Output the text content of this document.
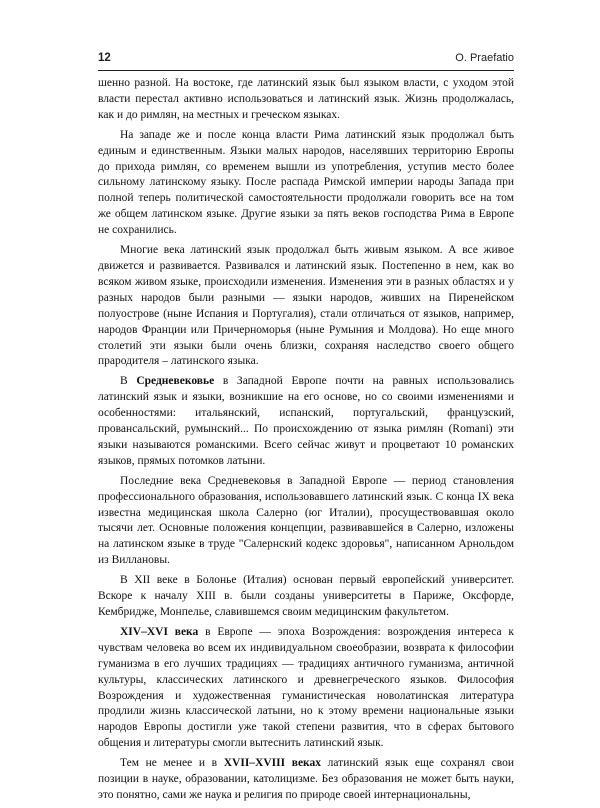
12	O. Praefatio

шенно разной. На востоке, где латинский язык был языком власти, с уходом этой власти перестал активно использоваться и латинский язык. Жизнь продолжалась, как и до римлян, на местных и греческом языках.

На западе же и после конца власти Рима латинский язык продолжал быть единым и единственным. Языки малых народов, населявших территорию Европы до прихода римлян, со временем вышли из употребления, уступив место более сильному латинскому языку. После распада Римской империи народы Запада при полной теперь политической самостоятельности продолжали говорить все на том же общем латинском языке. Другие языки за пять веков господства Рима в Европе не сохранились.

Многие века латинский язык продолжал быть живым языком. А все живое движется и развивается. Развивался и латинский язык. Постепенно в нем, как во всяком живом языке, происходили изменения. Изменения эти в разных областях и у разных народов были разными — языки народов, живших на Пиренейском полуострове (ныне Испания и Португалия), стали отличаться от языков, например, народов Франции или Причерноморья (ныне Румыния и Молдова). Но еще много столетий эти языки были очень близки, сохраняя наследство своего общего прародителя – латинского языка.

В Средневековье в Западной Европе почти на равных использовались латинский язык и языки, возникшие на его основе, но со своими изменениями и особенностями: итальянский, испанский, португальский, французский, провансальский, румынский... По происхождению от языка римлян (Romani) эти языки называются романскими. Всего сейчас живут и процветают 10 романских языков, прямых потомков латыни.

Последние века Средневековья в Западной Европе — период становления профессионального образования, использовавшего латинский язык. С конца IX века известна медицинская школа Салерно (юг Италии), просуществовавшая около тысячи лет. Основные положения концепции, развивавшейся в Салерно, изложены на латинском языке в труде "Салернский кодекс здоровья", написанном Арнольдом из Виллановы.

В XII веке в Болонье (Италия) основан первый европейский университет. Вскоре к началу XIII в. были созданы университеты в Париже, Оксфорде, Кембридже, Монпелье, славившемся своим медицинским факультетом.

XIV–XVI века в Европе — эпоха Возрождения: возрождения интереса к чувствам человека во всем их индивидуальном своеобразии, возврата к философии гуманизма в его лучших традициях — традициях античного гуманизма, античной культуры, классических латинского и древнегреческого языков. Философия Возрождения и художественная гуманистическая новолатинская литература продлили жизнь классической латыни, но к этому времени национальные языки народов Европы достигли уже такой степени развития, что в сферах бытового общения и литературы смогли вытеснить латинский язык.

Тем не менее и в XVII–XVIII веках латинский язык еще сохранял свои позиции в науке, образовании, католицизме. Без образования не может быть науки, это понятно, сами же наука и религия по природе своей интернациональны,
